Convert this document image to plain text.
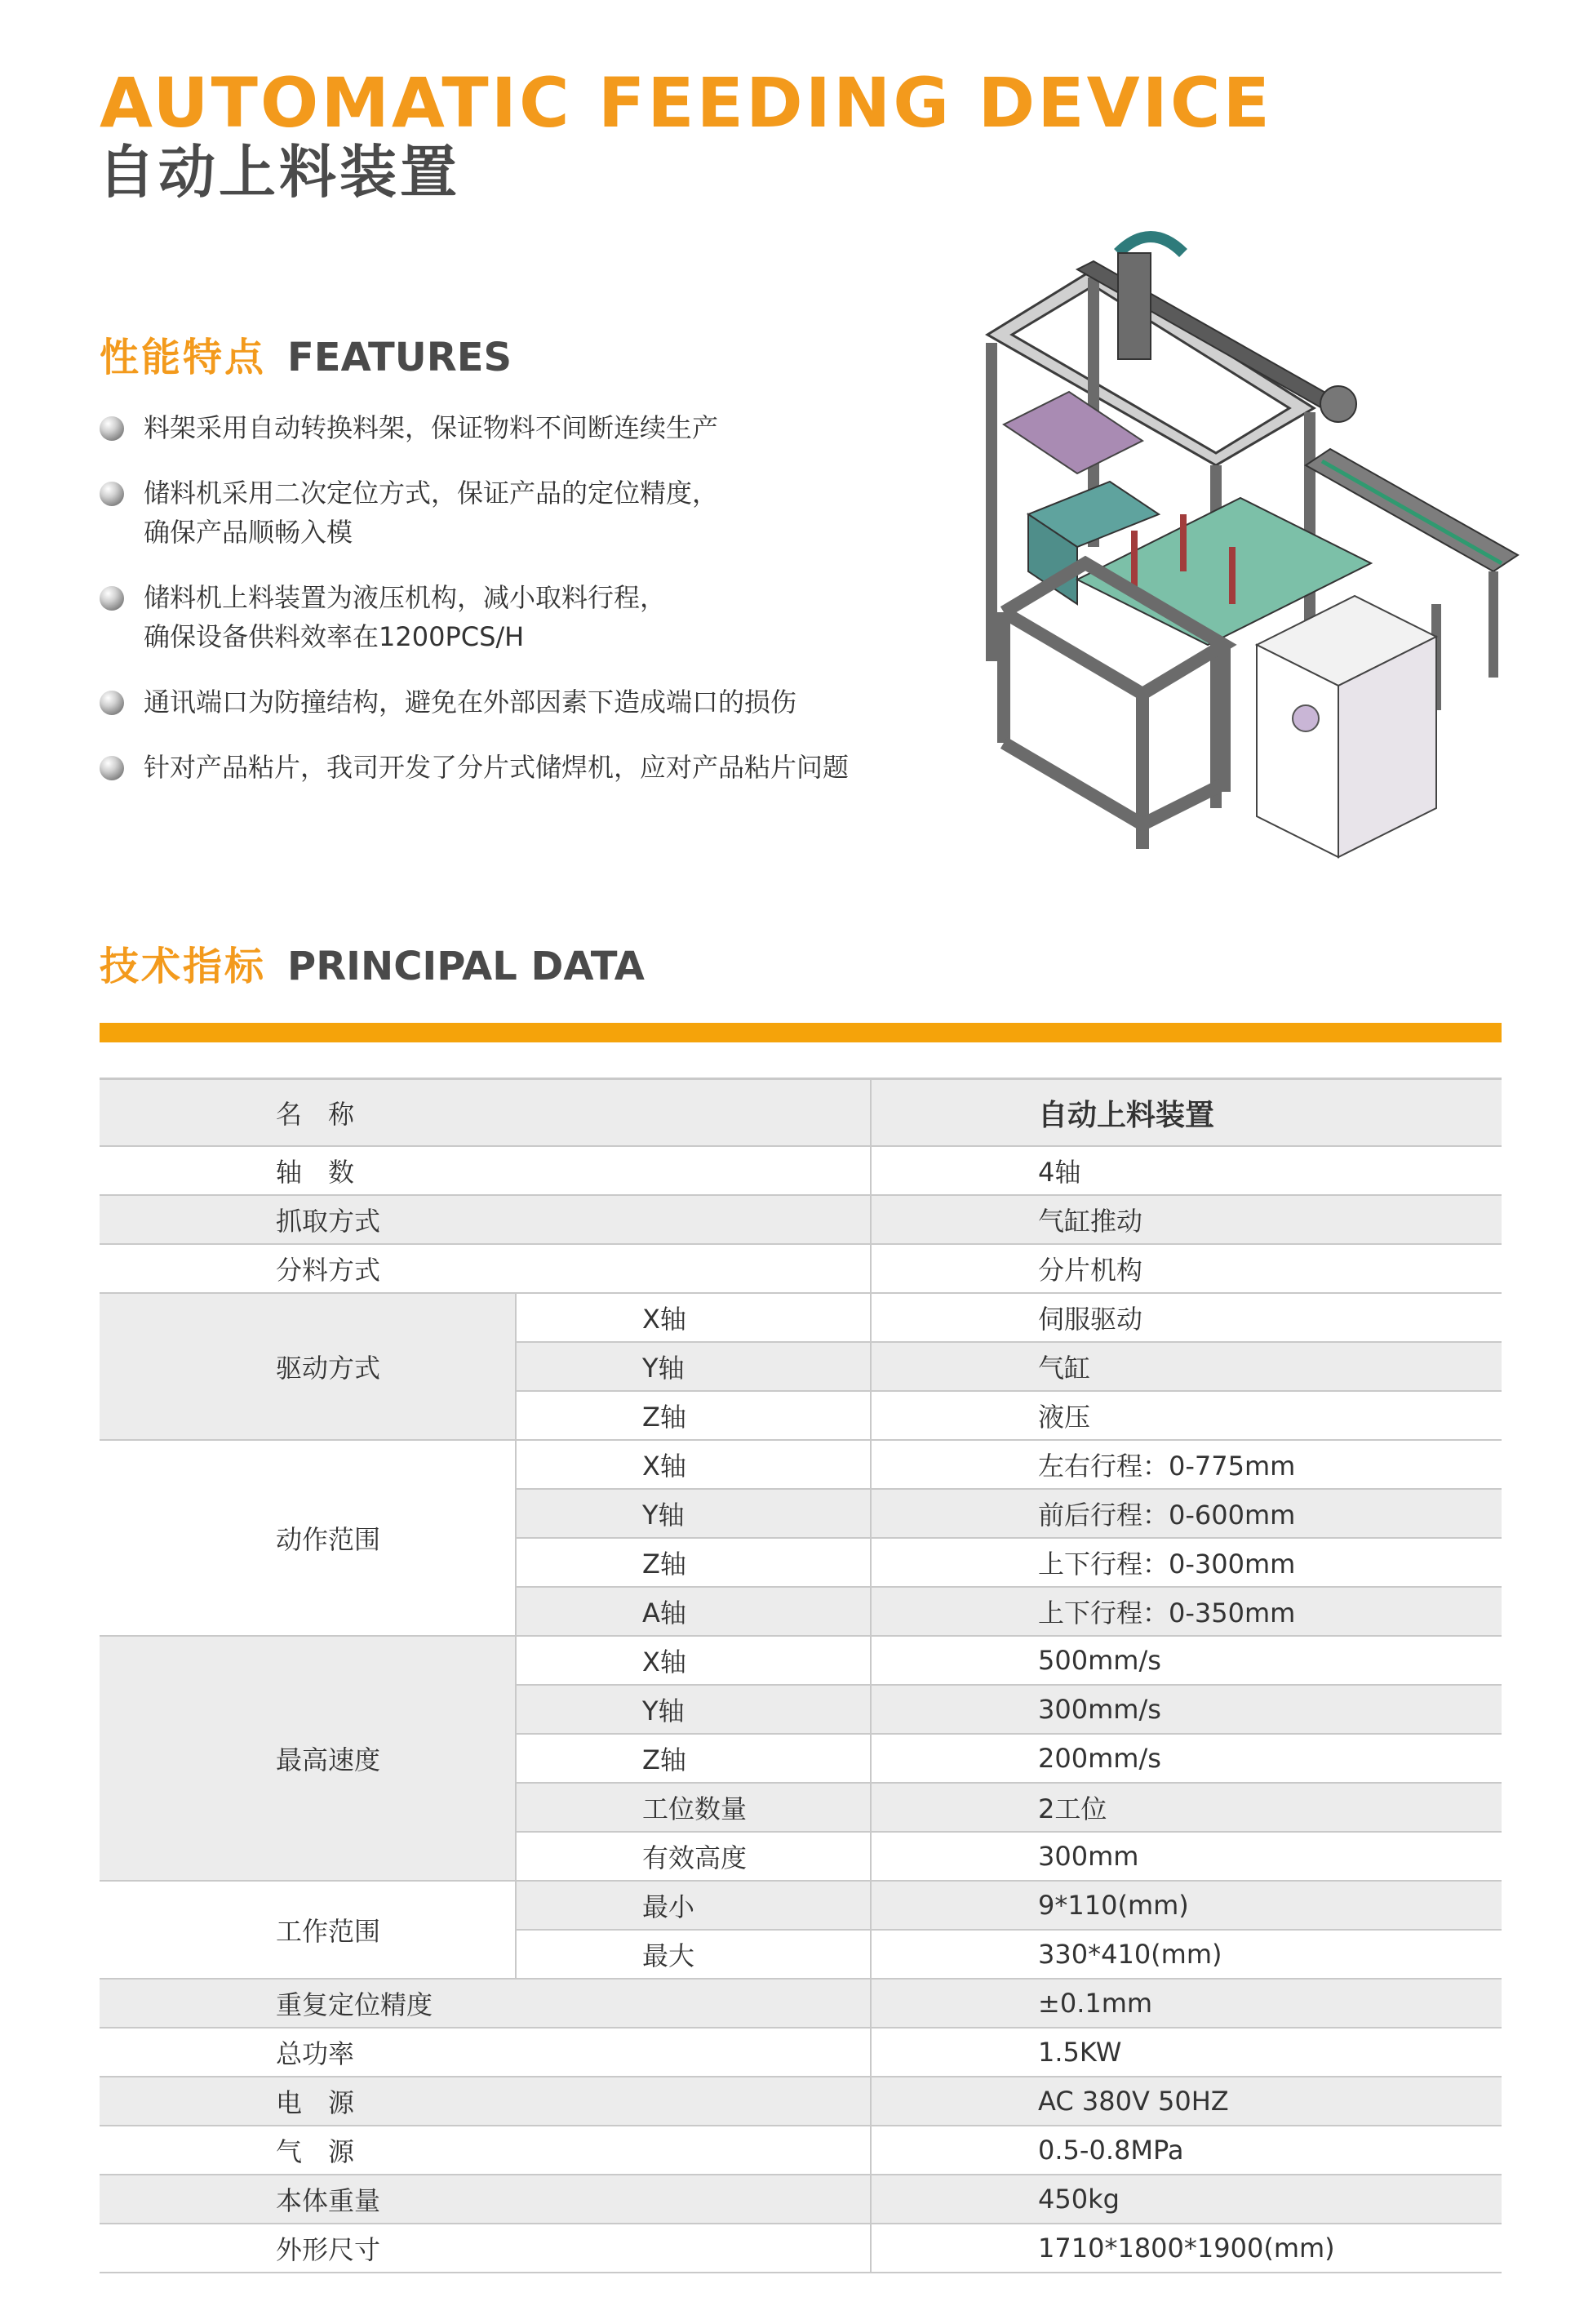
AUTOMATIC FEEDING DEVICE
自动上料装置
性能特点 FEATURES
料架采用自动转换料架，保证物料不间断连续生产
储料机采用二次定位方式，保证产品的定位精度，
确保产品顺畅入模
储料机上料装置为液压机构，减小取料行程，
确保设备供料效率在1200PCS/H
通讯端口为防撞结构，避免在外部因素下造成端口的损伤
针对产品粘片，我司开发了分片式储焊机，应对产品粘片问题
技术指标 PRINCIPAL DATA
名　称		自动上料装置
轴　数		4轴
抓取方式		气缸推动
分料方式		分片机构
驱动方式	X轴	伺服驱动
	Y轴	气缸
	Z轴	液压
动作范围	X轴	左右行程：0-775mm
	Y轴	前后行程：0-600mm
	Z轴	上下行程：0-300mm
	A轴	上下行程：0-350mm
最高速度	X轴	500mm/s
	Y轴	300mm/s
	Z轴	200mm/s
	工位数量	2工位
	有效高度	300mm
工作范围	最小	9*110(mm)
	最大	330*410(mm)
重复定位精度		±0.1mm
总功率		1.5KW
电　源		AC 380V 50HZ
气　源		0.5-0.8MPa
本体重量		450kg
外形尺寸		1710*1800*1900(mm)
